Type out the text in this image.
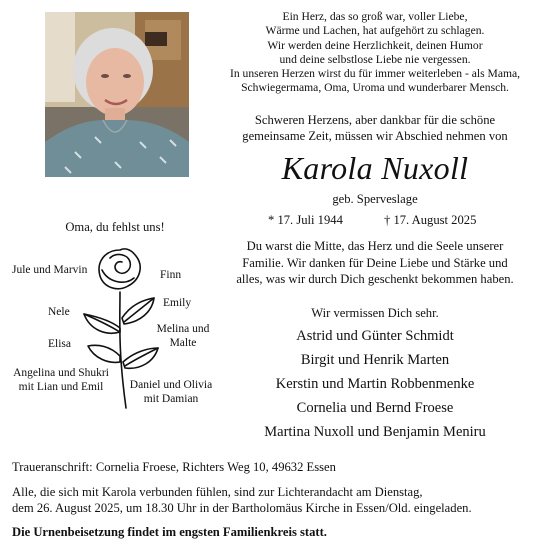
Ein Herz, das so groß war, voller Liebe,
Wärme und Lachen, hat aufgehört zu schlagen.
Wir werden deine Herzlichkeit, deinen Humor
und deine selbstlose Liebe nie vergessen.
In unseren Herzen wirst du für immer weiterleben - als Mama,
Schwiegermama, Oma, Uroma und wunderbarer Mensch.
Schweren Herzens, aber dankbar für die schöne
gemeinsame Zeit, müssen wir Abschied nehmen von
Karola Nuxoll
geb. Sperveslage
* 17. Juli 1944	† 17. August 2025
Du warst die Mitte, das Herz und die Seele unserer
Familie. Wir danken für Deine Liebe und Stärke und
alles, was wir durch Dich geschenkt bekommen haben.
Wir vermissen Dich sehr.
Astrid und Günter Schmidt
Birgit und Henrik Marten
Kerstin und Martin Robbenmenke
Cornelia und Bernd Froese
Martina Nuxoll und Benjamin Meniru
Oma, du fehlst uns!
Jule und Marvin	Finn
Emily
Nele
Melina und
Malte
Elisa
Angelina und Shukri
mit Lian und Emil	Daniel und Olivia
mit Damian
Traueranschrift: Cornelia Froese, Richters Weg 10, 49632 Essen
Alle, die sich mit Karola verbunden fühlen, sind zur Lichterandacht am Dienstag,
dem 26. August 2025, um 18.30 Uhr in der Bartholomäus Kirche in Essen/Old. eingeladen.
Die Urnenbeisetzung findet im engsten Familienkreis statt.
